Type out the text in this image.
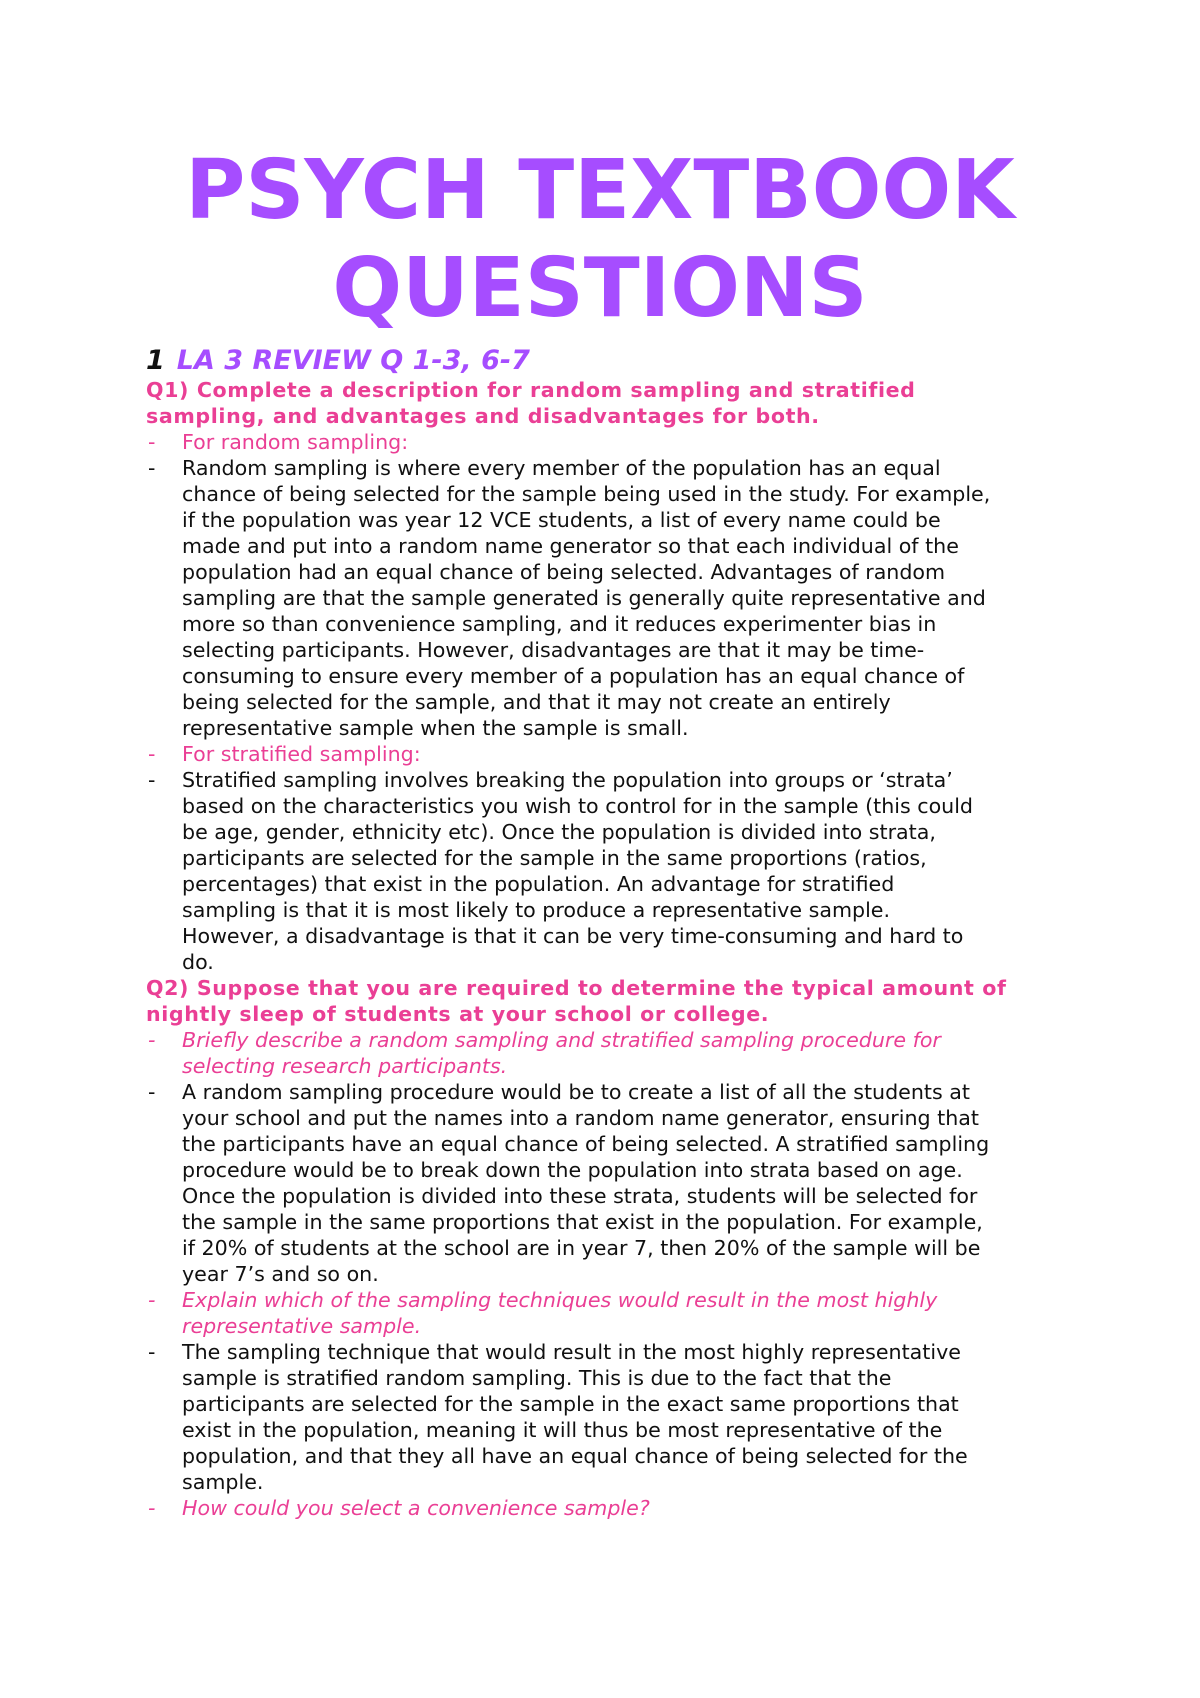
PSYCH TEXTBOOK
QUESTIONS
1 LA 3 REVIEW Q 1-3, 6-7
Q1) Complete a description for random sampling and stratified
sampling, and advantages and disadvantages for both.
-	For random sampling:
-	Random sampling is where every member of the population has an equal
chance of being selected for the sample being used in the study. For example,
if the population was year 12 VCE students, a list of every name could be
made and put into a random name generator so that each individual of the
population had an equal chance of being selected. Advantages of random
sampling are that the sample generated is generally quite representative and
more so than convenience sampling, and it reduces experimenter bias in
selecting participants. However, disadvantages are that it may be time-
consuming to ensure every member of a population has an equal chance of
being selected for the sample, and that it may not create an entirely
representative sample when the sample is small.
-	For stratified sampling:
-	Stratified sampling involves breaking the population into groups or ‘strata’
based on the characteristics you wish to control for in the sample (this could
be age, gender, ethnicity etc). Once the population is divided into strata,
participants are selected for the sample in the same proportions (ratios,
percentages) that exist in the population. An advantage for stratified
sampling is that it is most likely to produce a representative sample.
However, a disadvantage is that it can be very time-consuming and hard to
do.
Q2) Suppose that you are required to determine the typical amount of
nightly sleep of students at your school or college.
-	Briefly describe a random sampling and stratified sampling procedure for
selecting research participants.
-	A random sampling procedure would be to create a list of all the students at
your school and put the names into a random name generator, ensuring that
the participants have an equal chance of being selected. A stratified sampling
procedure would be to break down the population into strata based on age.
Once the population is divided into these strata, students will be selected for
the sample in the same proportions that exist in the population. For example,
if 20% of students at the school are in year 7, then 20% of the sample will be
year 7’s and so on.
-	Explain which of the sampling techniques would result in the most highly
representative sample.
-	The sampling technique that would result in the most highly representative
sample is stratified random sampling. This is due to the fact that the
participants are selected for the sample in the exact same proportions that
exist in the population, meaning it will thus be most representative of the
population, and that they all have an equal chance of being selected for the
sample.
-	How could you select a convenience sample?
